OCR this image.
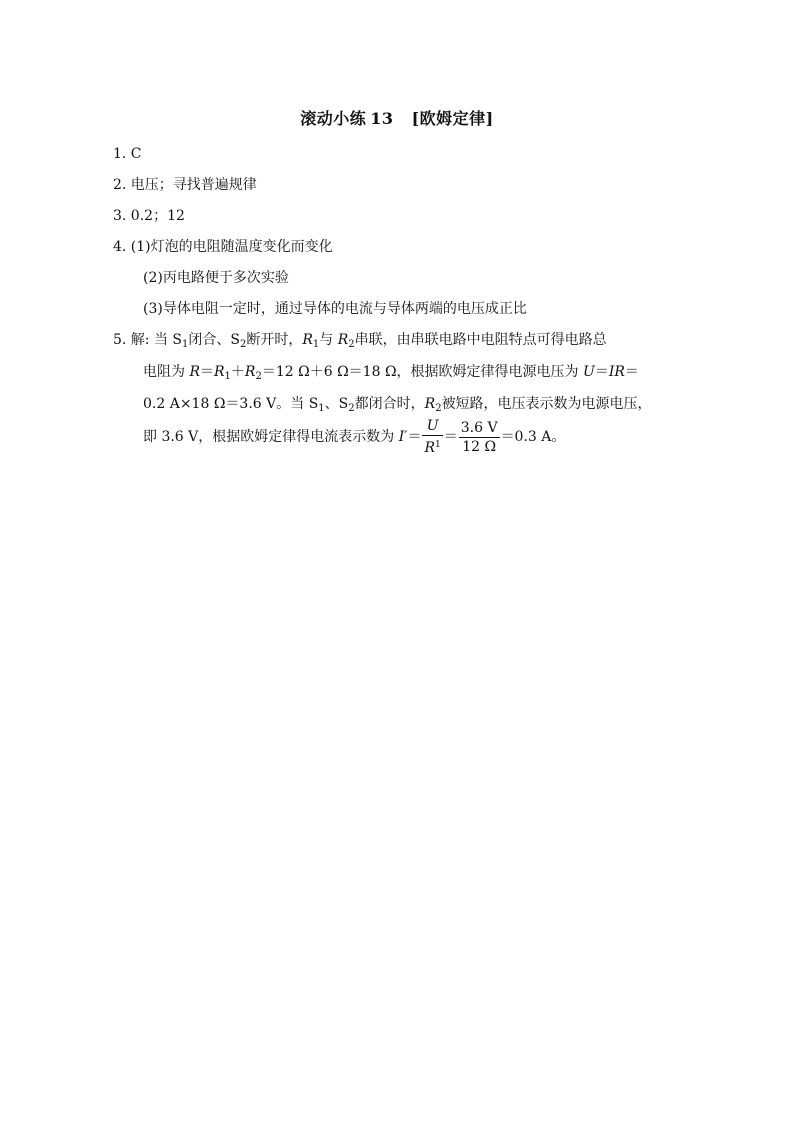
滚动小练 13 [欧姆定律]
1. C
2. 电压；寻找普遍规律
3. 0.2；12
4. (1)灯泡的电阻随温度变化而变化
(2)丙电路便于多次实验
(3)导体电阻一定时，通过导体的电流与导体两端的电压成正比
5. 解: 当 $S_1$闭合、$S_2$断开时，$R_1$与 $R_2$串联，由串联电路中电阻特点可得电路总
电阻为 $R=R_1+R_2=12$ Ω＋6 Ω＝18 Ω，根据欧姆定律得电源电压为 U＝IR＝
0.2 A×18 Ω＝3.6 V。当 $S_1$、$S_2$都闭合时，$R_2$被短路，电压表示数为电源电压，
即 3.6 V，根据欧姆定律得电流表示数为 $I'= \frac{U}{R^1} = \frac{3.6 V}{12 \Omega} =0.3$ A。
